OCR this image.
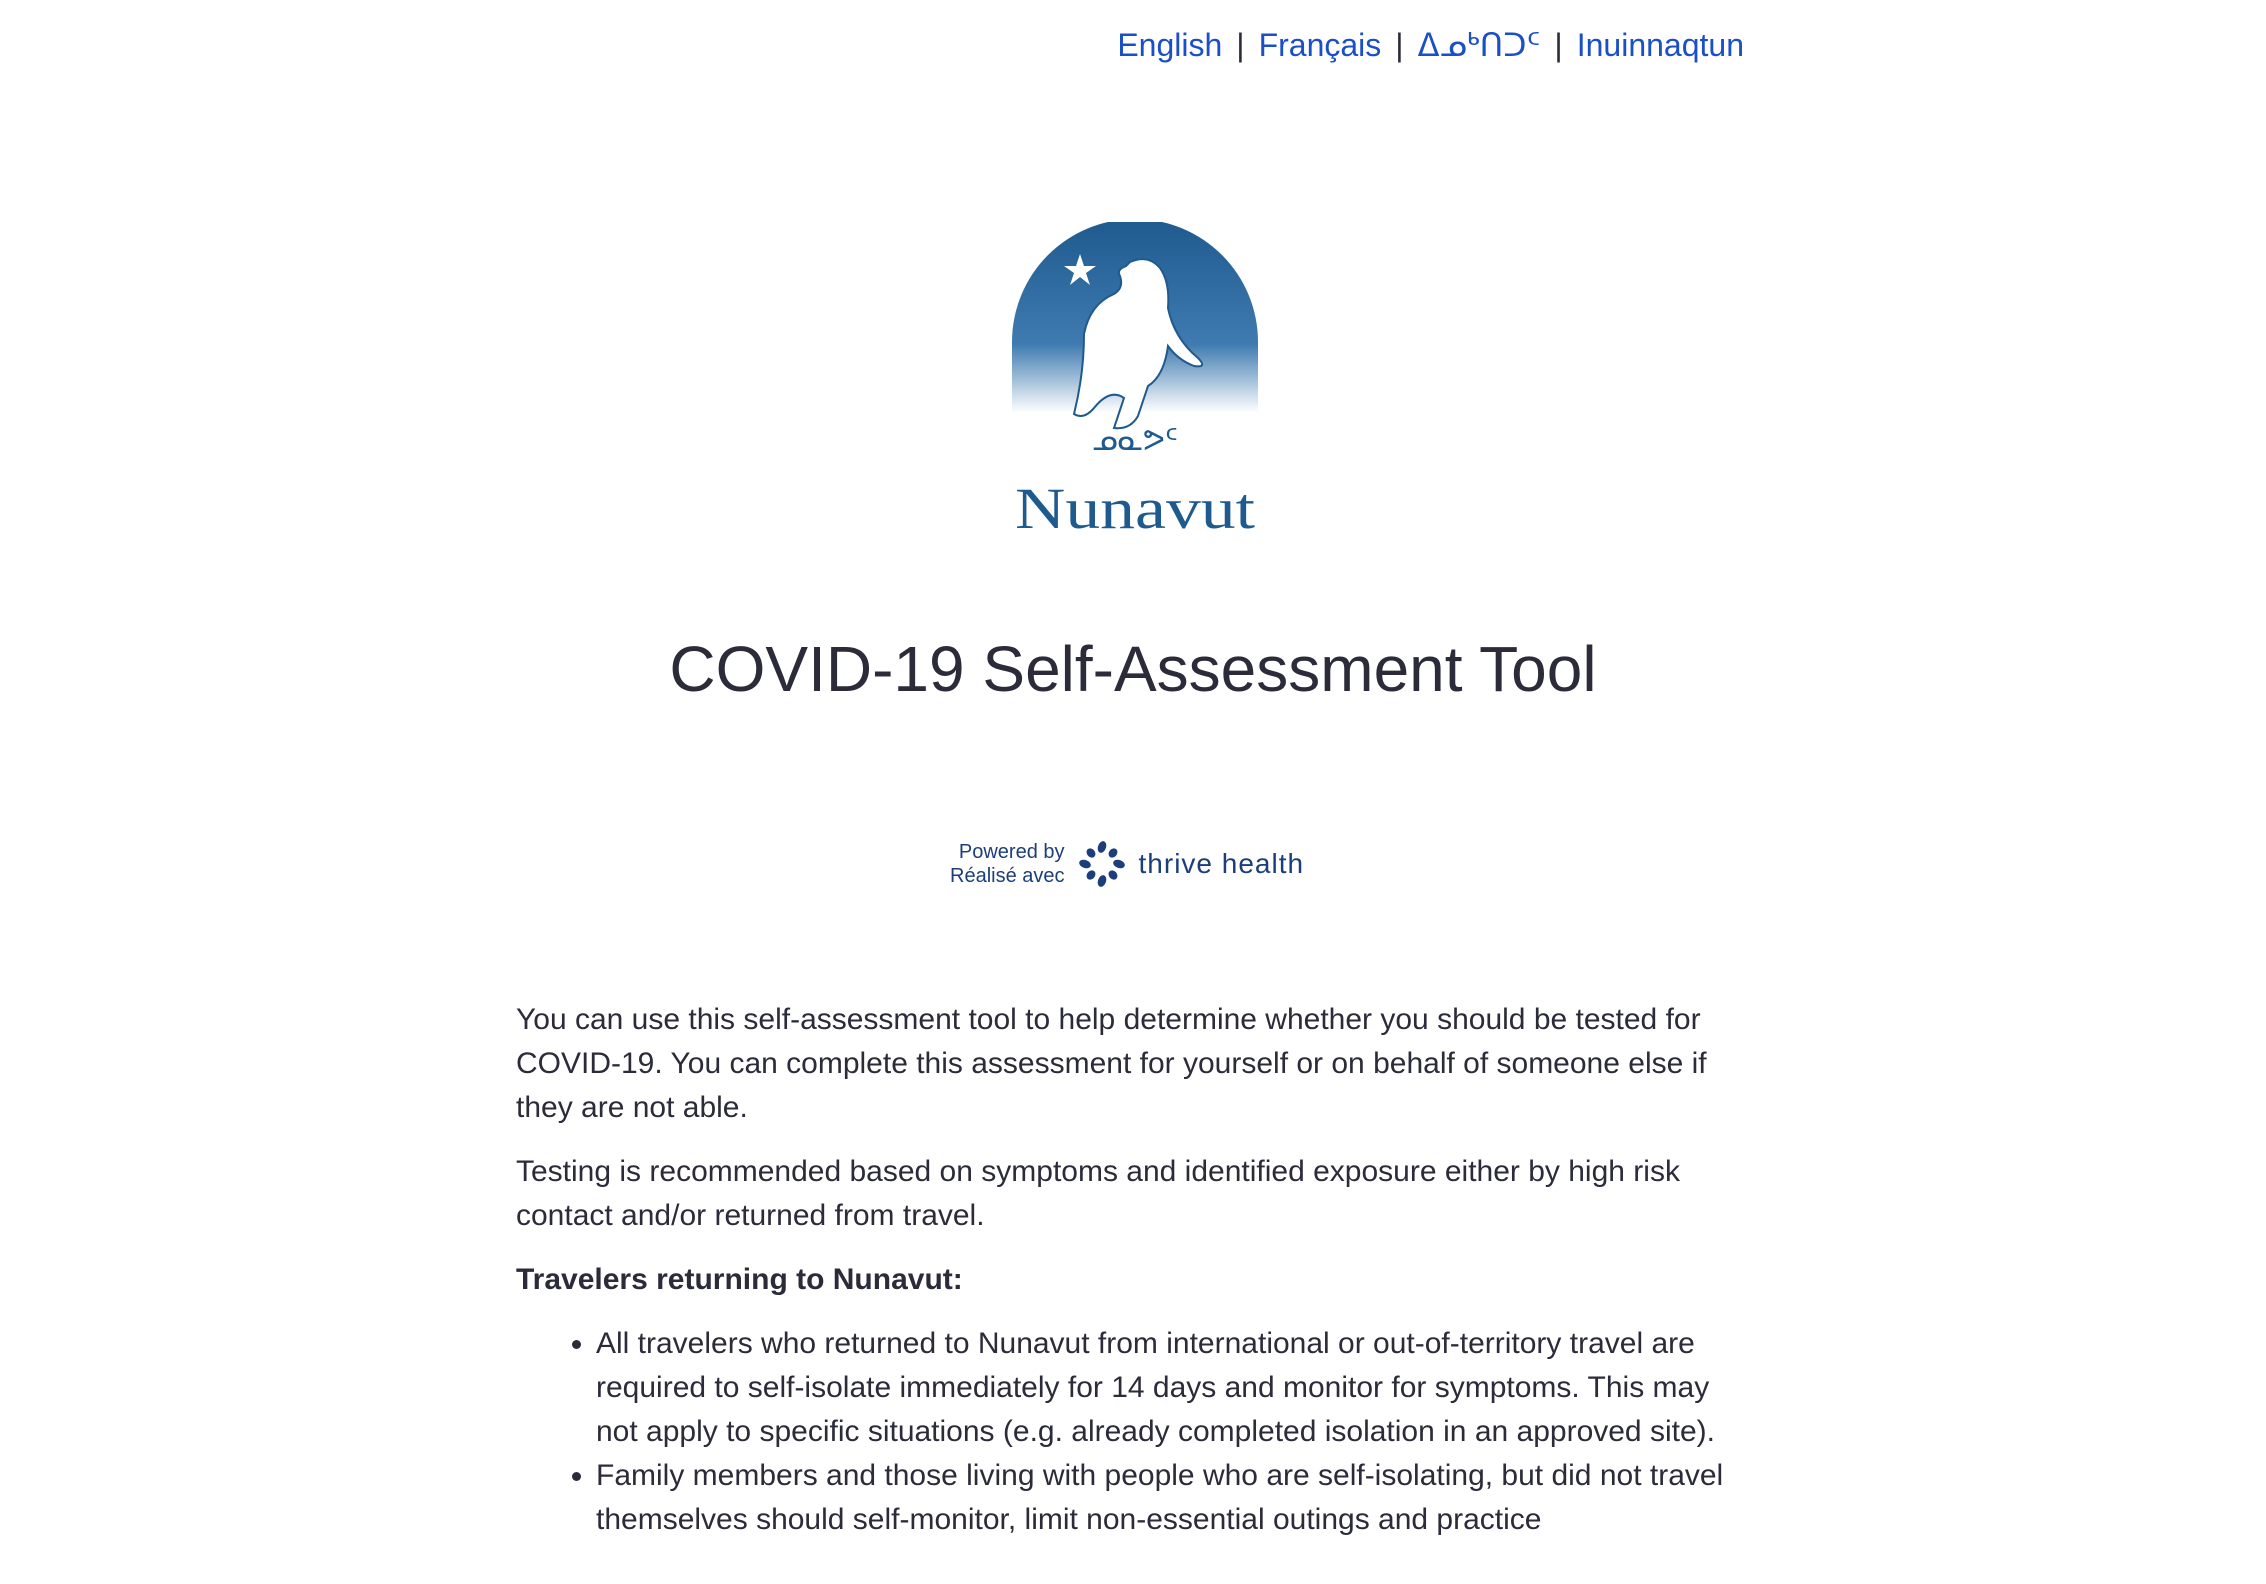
English | Français | ᐃᓄᒃᑎᑐᑦ | Inuinnaqtun
ᓄᓇᕗᑦ
Nunavut
COVID-19 Self-Assessment Tool
Powered by
Réalisé avec	thrive health

You can use this self-assessment tool to help determine whether you should be tested for COVID-19. You can complete this assessment for yourself or on behalf of someone else if they are not able.

Testing is recommended based on symptoms and identified exposure either by high risk contact and/or returned from travel.

Travelers returning to Nunavut:
• All travelers who returned to Nunavut from international or out-of-territory travel are required to self-isolate immediately for 14 days and monitor for symptoms. This may not apply to specific situations (e.g. already completed isolation in an approved site).
• Family members and those living with people who are self-isolating, but did not travel themselves should self-monitor, limit non-essential outings and practice
